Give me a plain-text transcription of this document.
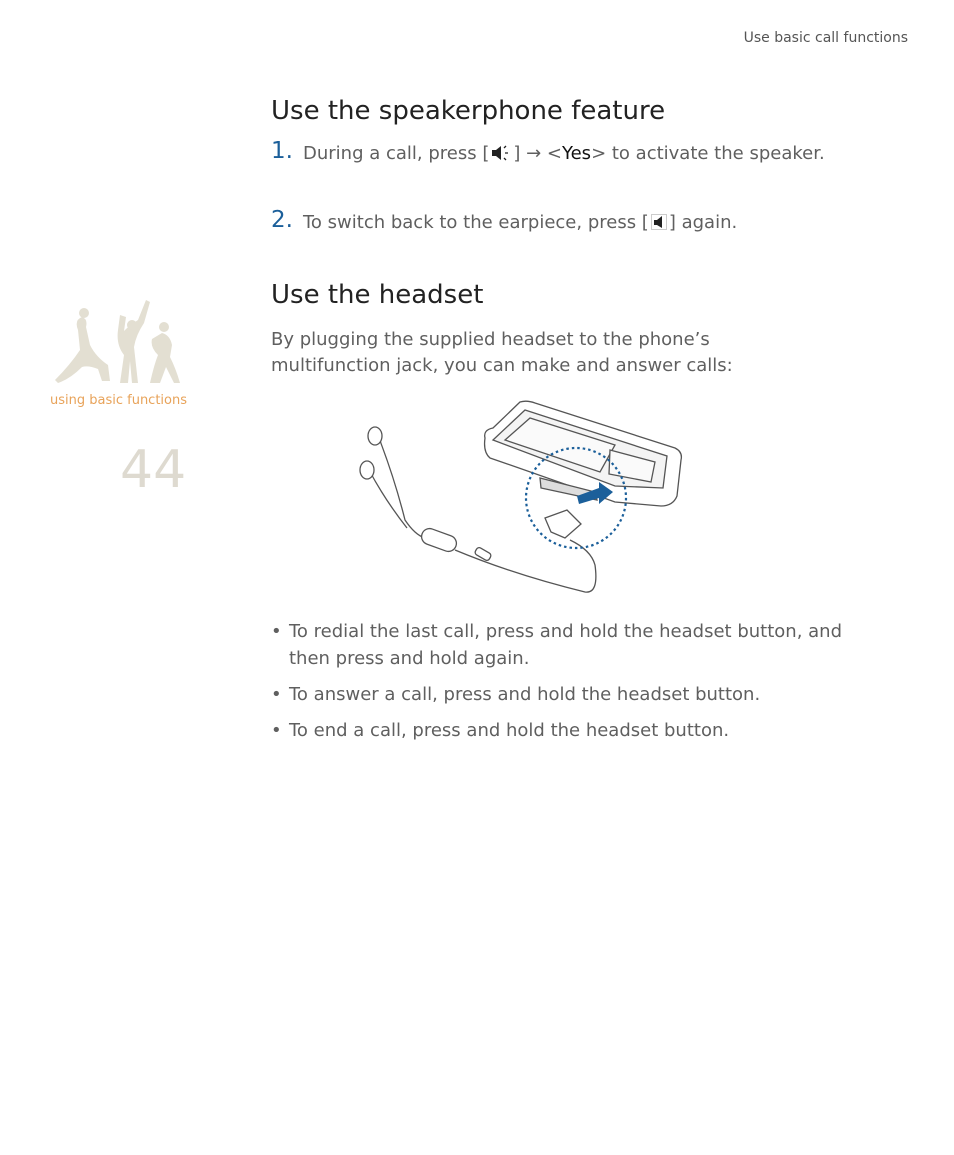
Use basic call functions
using basic functions
44
Use the speakerphone feature
1. During a call, press [ ] → <Yes> to activate the speaker.
2. To switch back to the earpiece, press [ ] again.
Use the headset
By plugging the supplied headset to the phone’s multifunction jack, you can make and answer calls:
• To redial the last call, press and hold the headset button, and then press and hold again.
• To answer a call, press and hold the headset button.
• To end a call, press and hold the headset button.
